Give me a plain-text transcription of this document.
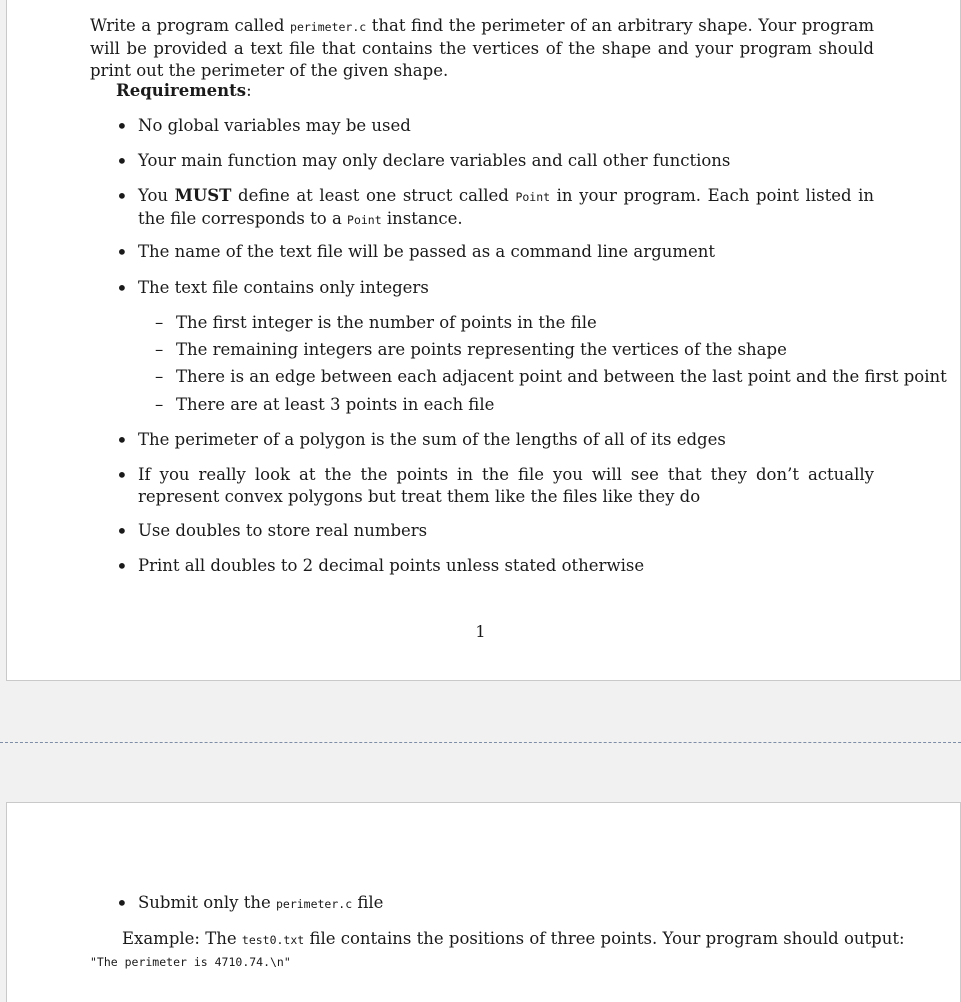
Write a program called perimeter.c that find the perimeter of an arbitrary shape. Your program will be provided a text file that contains the vertices of the shape and your program should print out the perimeter of the given shape.

Requirements:

• No global variables may be used

• Your main function may only declare variables and call other functions

• You MUST define at least one struct called Point in your program. Each point listed in the file corresponds to a Point instance.

• The name of the text file will be passed as a command line argument

• The text file contains only integers

– The first integer is the number of points in the file

– The remaining integers are points representing the vertices of the shape

– There is an edge between each adjacent point and between the last point and the first point

– There are at least 3 points in each file

• The perimeter of a polygon is the sum of the lengths of all of its edges

• If you really look at the the points in the file you will see that they don’t actually represent convex polygons but treat them like the files like they do

• Use doubles to store real numbers

• Print all doubles to 2 decimal points unless stated otherwise

1

• Submit only the perimeter.c file

Example: The test0.txt file contains the positions of three points. Your program should output:

"The perimeter is 4710.74.\n"
